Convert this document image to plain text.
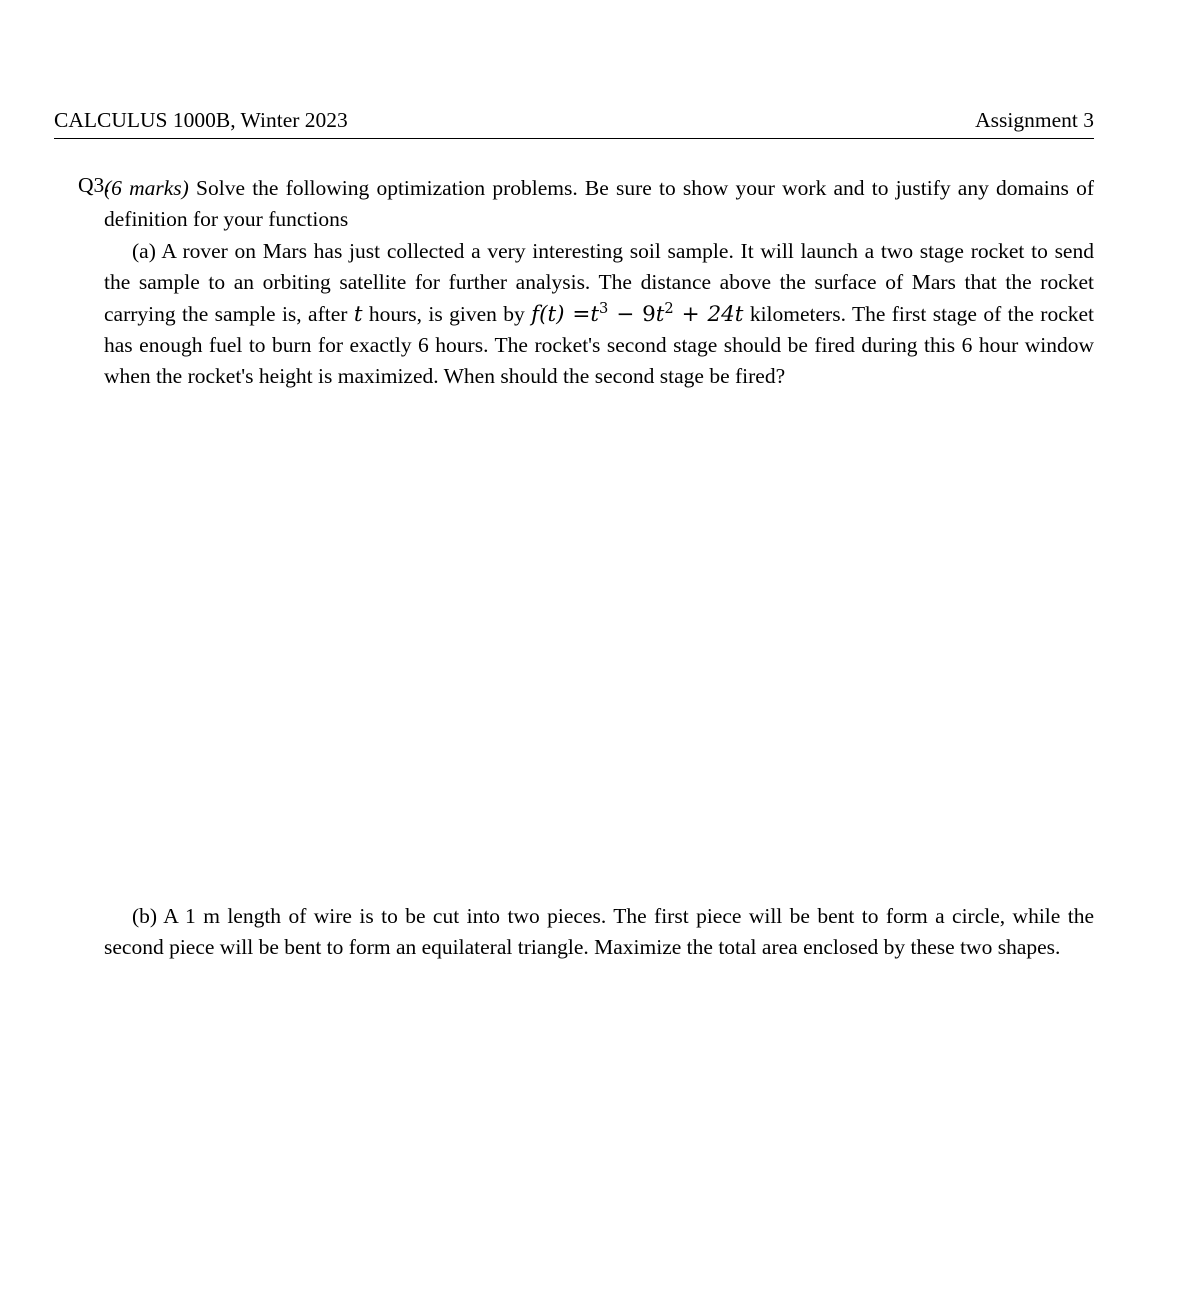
CALCULUS 1000B, Winter 2023	Assignment 3
Q3.

(6 marks) Solve the following optimization problems. Be sure to show your work and to justify any domains of definition for your functions

(a) A rover on Mars has just collected a very interesting soil sample. It will launch a two stage rocket to send the sample to an orbiting satellite for further analysis. The distance above the surface of Mars that the rocket carrying the sample is, after t hours, is given by $f(t) =t^3 - 9t^2 + 24t$ kilometers. The first stage of the rocket has enough fuel to burn for exactly 6 hours. The rocket's second stage should be fired during this 6 hour window when the rocket's height is maximized. When should the second stage be fired?

(b) A 1 m length of wire is to be cut into two pieces. The first piece will be bent to form a circle, while the second piece will be bent to form an equilateral triangle. Maximize the total area enclosed by these two shapes.
